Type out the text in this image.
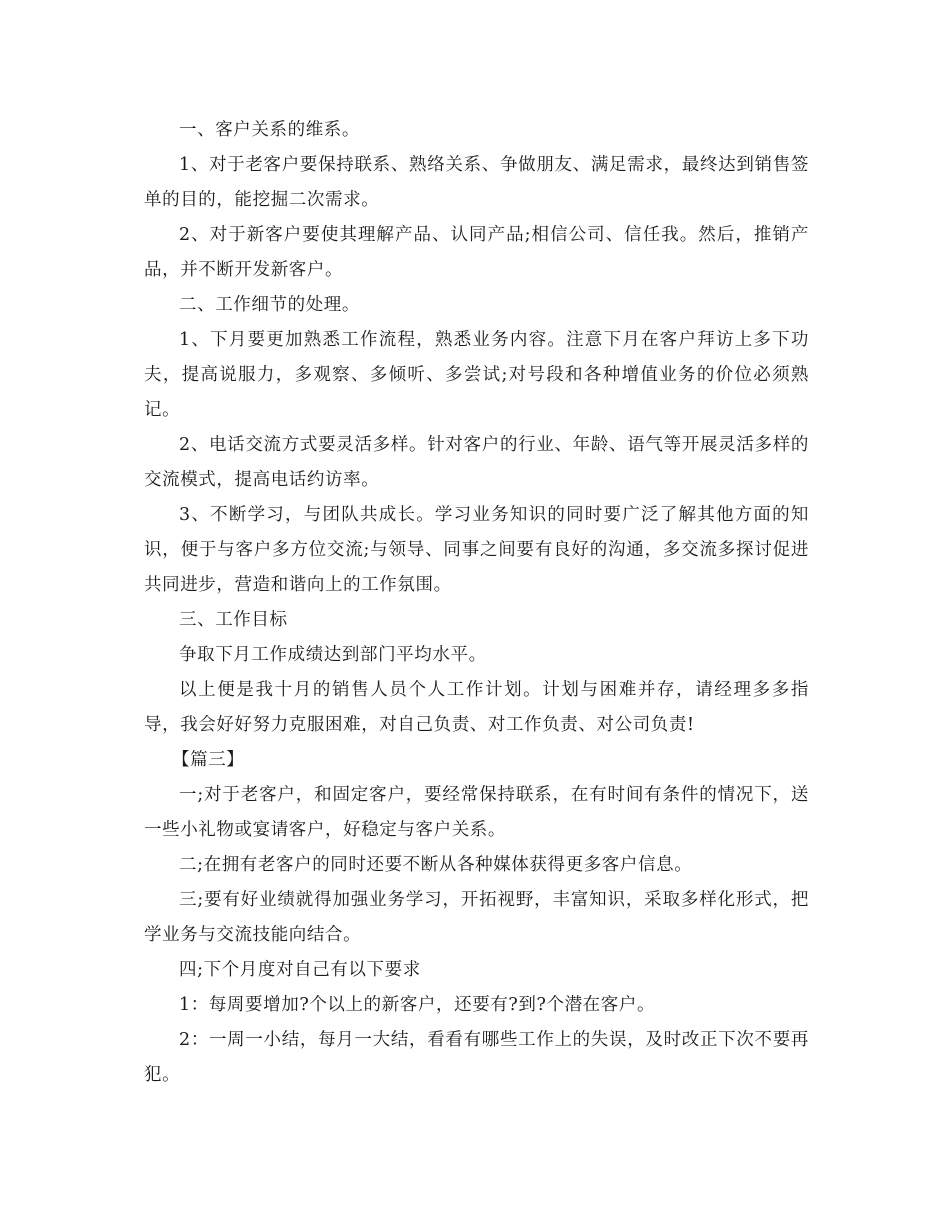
一、客户关系的维系。

1、对于老客户要保持联系、熟络关系、争做朋友、满足需求，最终达到销售签单的目的，能挖掘二次需求。

2、对于新客户要使其理解产品、认同产品;相信公司、信任我。然后，推销产品，并不断开发新客户。

二、工作细节的处理。

1、下月要更加熟悉工作流程，熟悉业务内容。注意下月在客户拜访上多下功夫，提高说服力，多观察、多倾听、多尝试;对号段和各种增值业务的价位必须熟记。

2、电话交流方式要灵活多样。针对客户的行业、年龄、语气等开展灵活多样的交流模式，提高电话约访率。

3、不断学习，与团队共成长。学习业务知识的同时要广泛了解其他方面的知识，便于与客户多方位交流;与领导、同事之间要有良好的沟通，多交流多探讨促进共同进步，营造和谐向上的工作氛围。

三、工作目标

争取下月工作成绩达到部门平均水平。

以上便是我十月的销售人员个人工作计划。计划与困难并存，请经理多多指导，我会好好努力克服困难，对自己负责、对工作负责、对公司负责!

【篇三】

一;对于老客户，和固定客户，要经常保持联系，在有时间有条件的情况下，送一些小礼物或宴请客户，好稳定与客户关系。

二;在拥有老客户的同时还要不断从各种媒体获得更多客户信息。

三;要有好业绩就得加强业务学习，开拓视野，丰富知识，采取多样化形式，把学业务与交流技能向结合。

四;下个月度对自己有以下要求

1：每周要增加?个以上的新客户，还要有?到?个潜在客户。

2：一周一小结，每月一大结，看看有哪些工作上的失误，及时改正下次不要再犯。
